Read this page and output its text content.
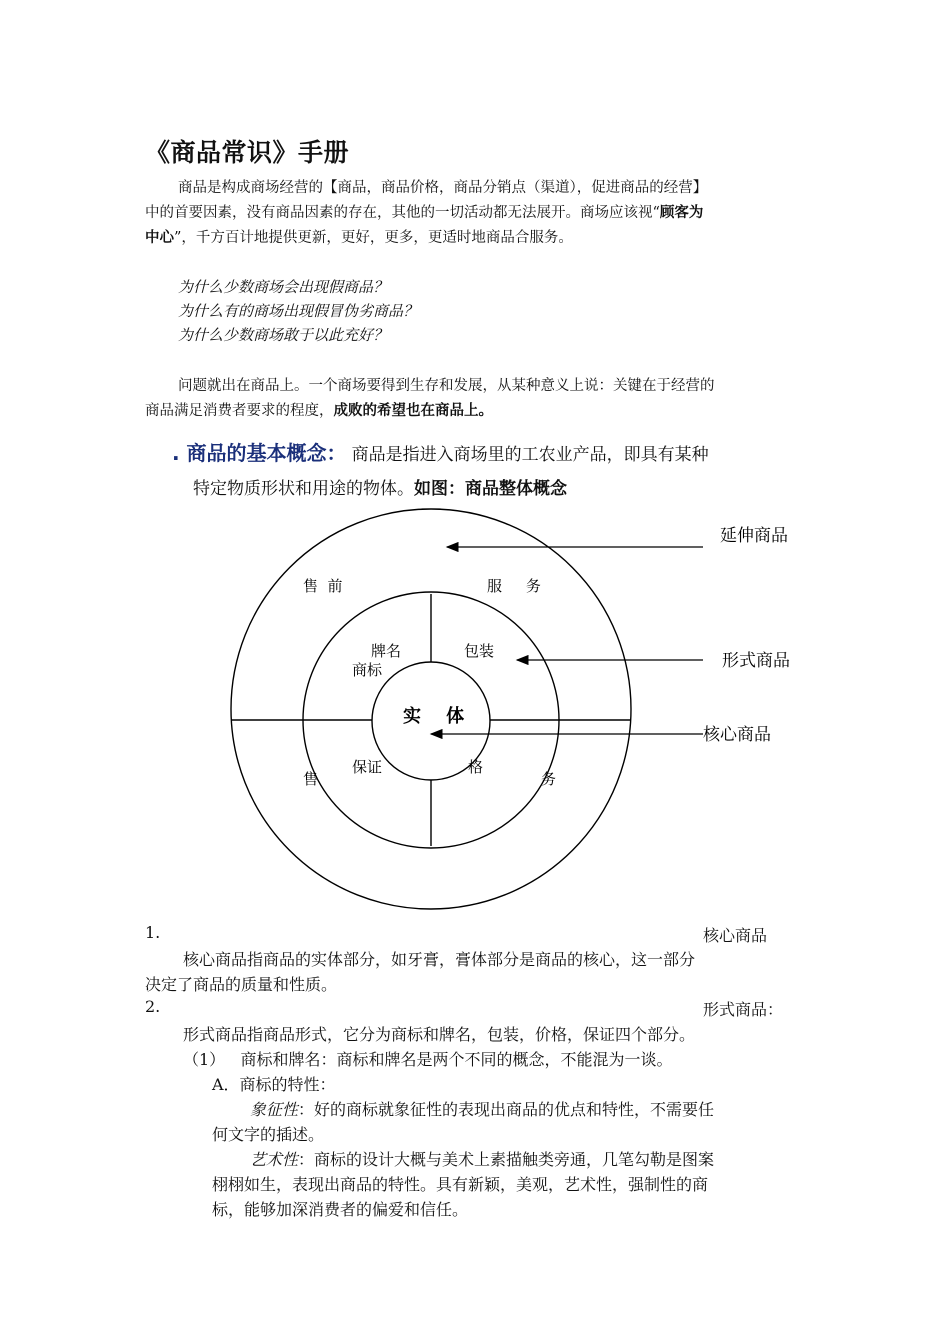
《商品常识》手册
商品是构成商场经营的【商品，商品价格，商品分销点（渠道），促进商品的经营】
中的首要因素，没有商品因素的存在，其他的一切活动都无法展开。商场应该视“顾客为
中心”，千方百计地提供更新，更好，更多，更适时地商品合服务。
为什么少数商场会出现假商品？
为什么有的商场出现假冒伪劣商品？
为什么少数商场敢于以此充好？
问题就出在商品上。一个商场要得到生存和发展，从某种意义上说：关键在于经营的
商品满足消费者要求的程度，成败的希望也在商品上。
. 商品的基本概念： 商品是指进入商场里的工农业产品，即具有某种
特定物质形状和用途的物体。如图：商品整体概念
延伸商品
形式商品
核心商品
售  前	服     务
售	务
牌名
商标
包装
保证	格
实    体
1.	核心商品
核心商品指商品的实体部分，如牙膏，膏体部分是商品的核心，这一部分
决定了商品的质量和性质。
2.	形式商品：
形式商品指商品形式，它分为商标和牌名，包装，价格，保证四个部分。
（1）   商标和牌名：商标和牌名是两个不同的概念，不能混为一谈。
A．商标的特性：
象征性：好的商标就象征性的表现出商品的优点和特性，不需要任
何文字的插述。
艺术性：商标的设计大概与美术上素描触类旁通，几笔勾勒是图案
栩栩如生，表现出商品的特性。具有新颖，美观，艺术性，强制性的商
标，能够加深消费者的偏爱和信任。
